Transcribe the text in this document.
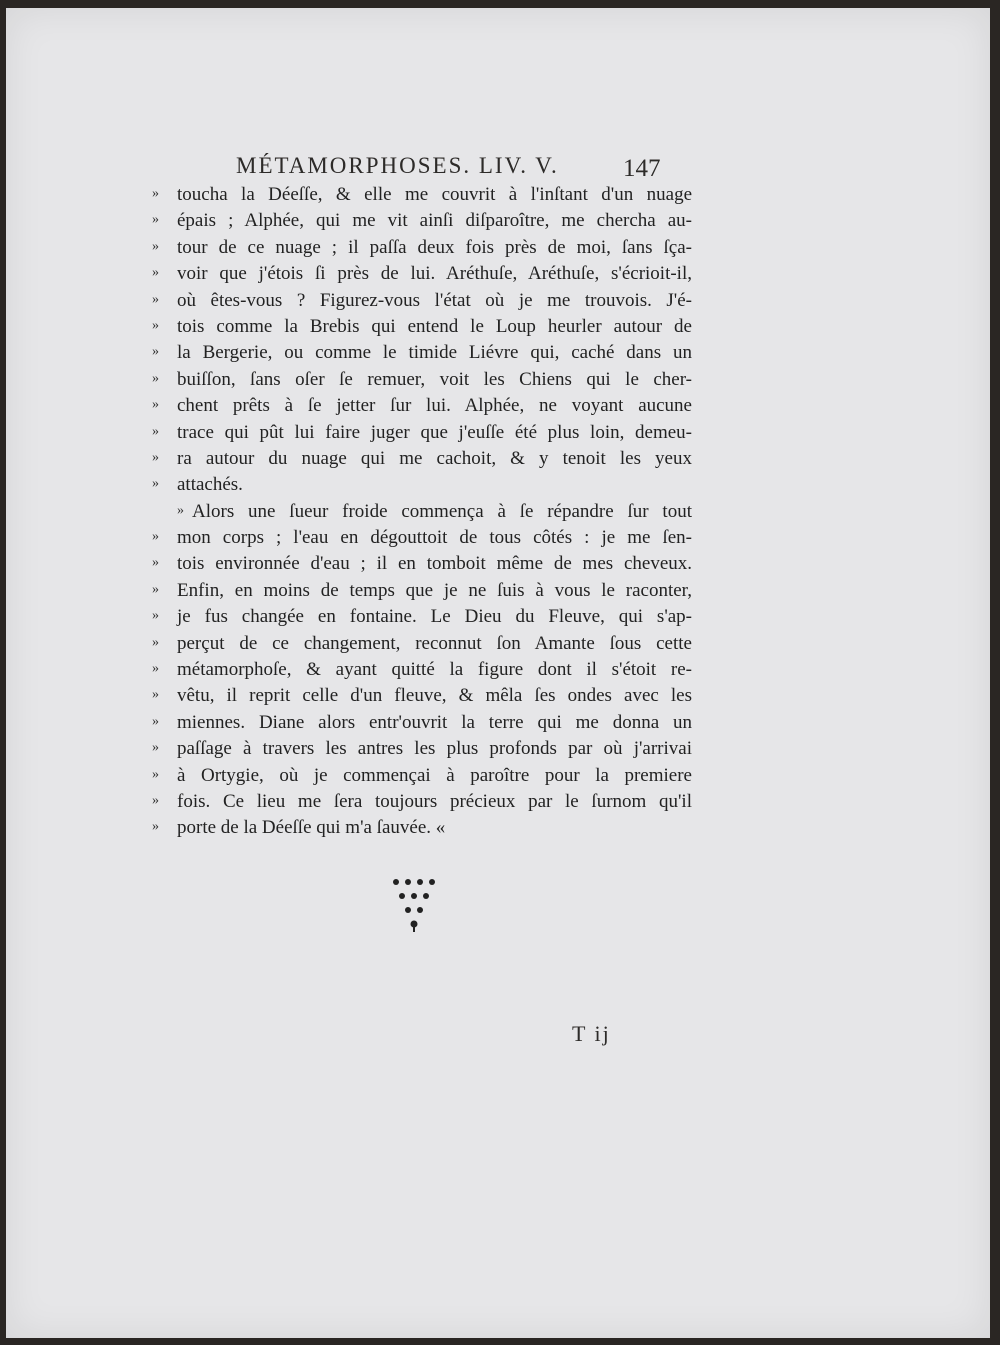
MÉTAMORPHOSES. LIV. V.	147
» toucha la Déeſſe, & elle me couvrit à l'inſtant d'un nuage
» épais ; Alphée, qui me vit ainſi diſparoître, me chercha au-
» tour de ce nuage ; il paſſa deux fois près de moi, ſans ſça-
» voir que j'étois ſi près de lui. Aréthuſe, Aréthuſe, s'écrioit-il,
» où êtes-vous ? Figurez-vous l'état où je me trouvois. J'é-
» tois comme la Brebis qui entend le Loup heurler autour de
» la Bergerie, ou comme le timide Liévre qui, caché dans un
» buiſſon, ſans oſer ſe remuer, voit les Chiens qui le cher-
» chent prêts à ſe jetter ſur lui. Alphée, ne voyant aucune
» trace qui pût lui faire juger que j'euſſe été plus loin, demeu-
» ra autour du nuage qui me cachoit, & y tenoit les yeux
» attachés.
» Alors une ſueur froide commença à ſe répandre ſur tout
» mon corps ; l'eau en dégouttoit de tous côtés : je me ſen-
» tois environnée d'eau ; il en tomboit même de mes cheveux.
» Enfin, en moins de temps que je ne ſuis à vous le raconter,
» je fus changée en fontaine. Le Dieu du Fleuve, qui s'ap-
» perçut de ce changement, reconnut ſon Amante ſous cette
» métamorphoſe, & ayant quitté la figure dont il s'étoit re-
» vêtu, il reprit celle d'un fleuve, & mêla ſes ondes avec les
» miennes. Diane alors entr'ouvrit la terre qui me donna un
» paſſage à travers les antres les plus profonds par où j'arrivai
» à Ortygie, où je commençai à paroître pour la premiere
» fois. Ce lieu me ſera toujours précieux par le ſurnom qu'il
» porte de la Déeſſe qui m'a ſauvée. «
T ij
